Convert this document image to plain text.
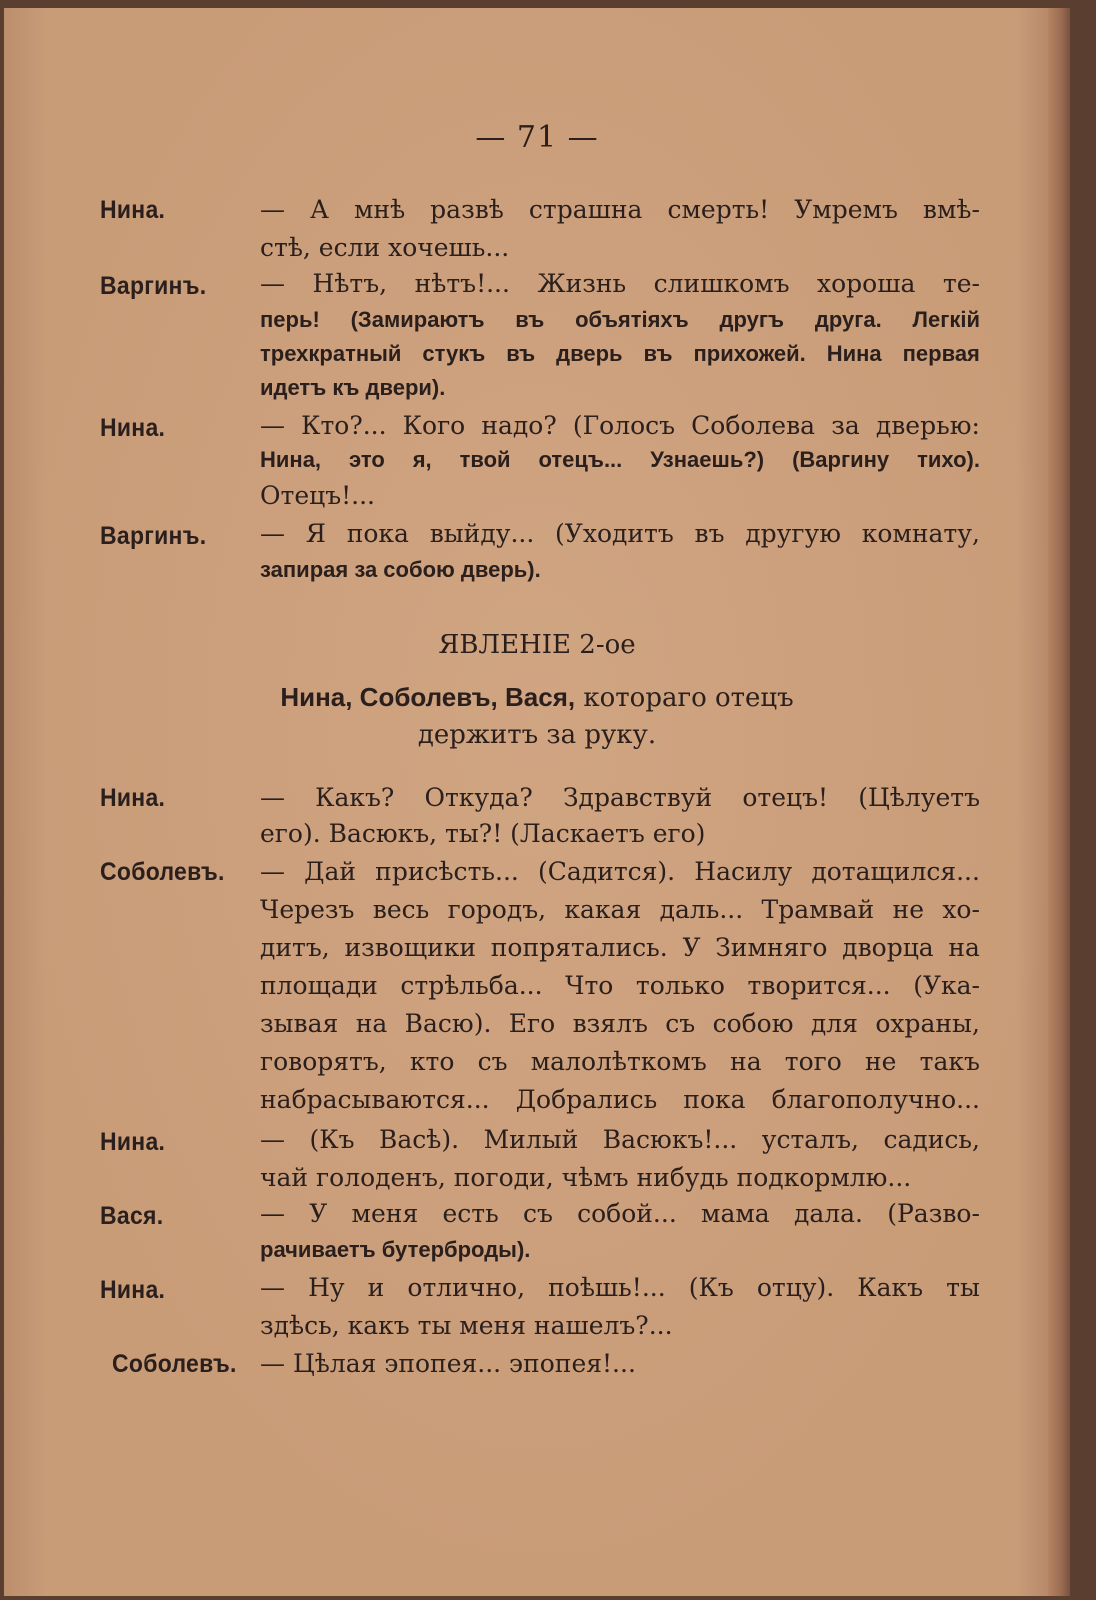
— 71 —
Нина.	— А мнѣ развѣ страшна смерть! Умремъ вмѣ-
стѣ, если хочешь...
Варгинъ. — Нѣтъ, нѣтъ!... Жизнь слишкомъ хороша те-
перь! (Замираютъ въ объятіяхъ другъ друга. Легкій
трехкратный стукъ въ дверь въ прихожей. Нина первая
идетъ къ двери).
Нина.	— Кто?... Кого надо? (Голосъ Соболева за дверью:
Нина, это я, твой отецъ... Узнаешь?) (Варгину тихо).
Отецъ!...
Варгинъ. — Я пока выйду... (Уходитъ въ другую комнату,
запирая за собою дверь).
ЯВЛЕНІЕ 2-ое
Нина, Соболевъ, Вася, котораго отецъ
держитъ за руку.
Нина.	— Какъ? Откуда? Здравствуй отецъ! (Цѣлуетъ
его). Васюкъ, ты?! (Ласкаетъ его)
Соболевъ. — Дай присѣсть... (Садится). Насилу дотащился...
Черезъ весь городъ, какая даль... Трамвай не хо-
дитъ, извощики попрятались. У Зимняго дворца на
площади стрѣльба... Что только творится... (Ука-
зывая на Васю). Его взялъ съ собою для охраны,
говорятъ, кто съ малолѣткомъ на того не такъ
набрасываются... Добрались пока благополучно...
Нина.	— (Къ Васѣ). Милый Васюкъ!... усталъ, садись,
чай голоденъ, погоди, чѣмъ нибудь подкормлю...
Вася.	— У меня есть съ собой... мама дала. (Разво-
рачиваетъ бутерброды).
Нина.	— Ну и отлично, поѣшь!... (Къ отцу). Какъ ты
здѣсь, какъ ты меня нашелъ?...
Соболевъ. — Цѣлая эпопея... эпопея!...
